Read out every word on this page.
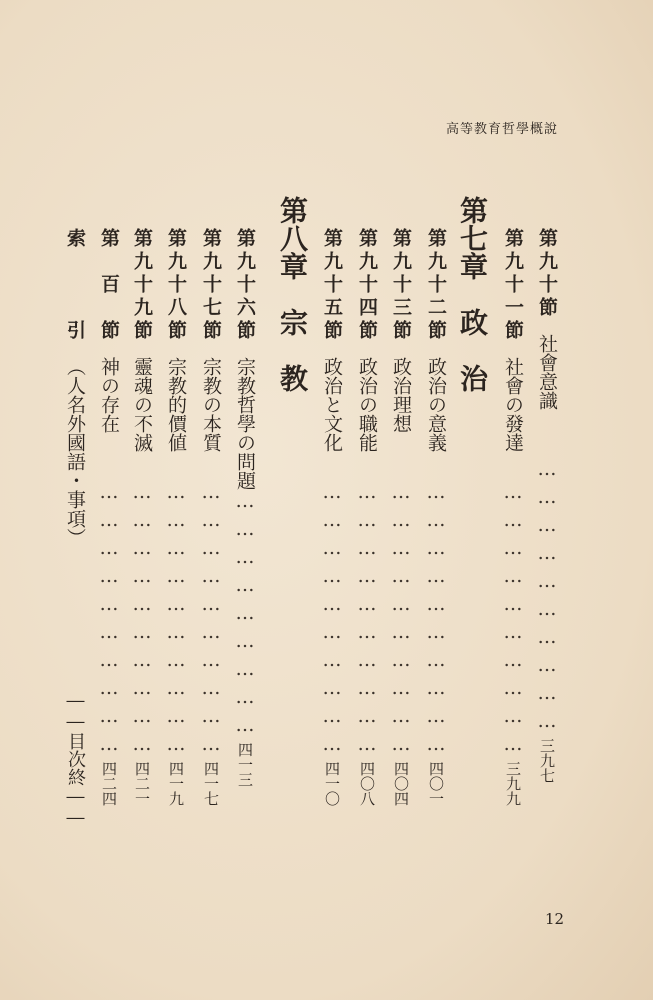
高等教育哲學概說
第九十節社會意識…………………………三九七
第九十一節社會の發達…………………………三九九
第七章　政　治
第九十二節政治の意義…………………………四〇一
第九十三節政治理想…………………………四〇四
第九十四節政治の職能…………………………四〇八
第九十五節政治と文化…………………………四一〇
第八章　宗　教
第九十六節宗教哲學の問題………………………四一三
第九十七節宗教の本質…………………………四一七
第九十八節宗教的價値…………………………四一九
第九十九節靈魂の不滅…………………………四二一
第　百　節神の存在…………………………四二四
索　　　引（人名外國語・事項）
――目次終――
12
